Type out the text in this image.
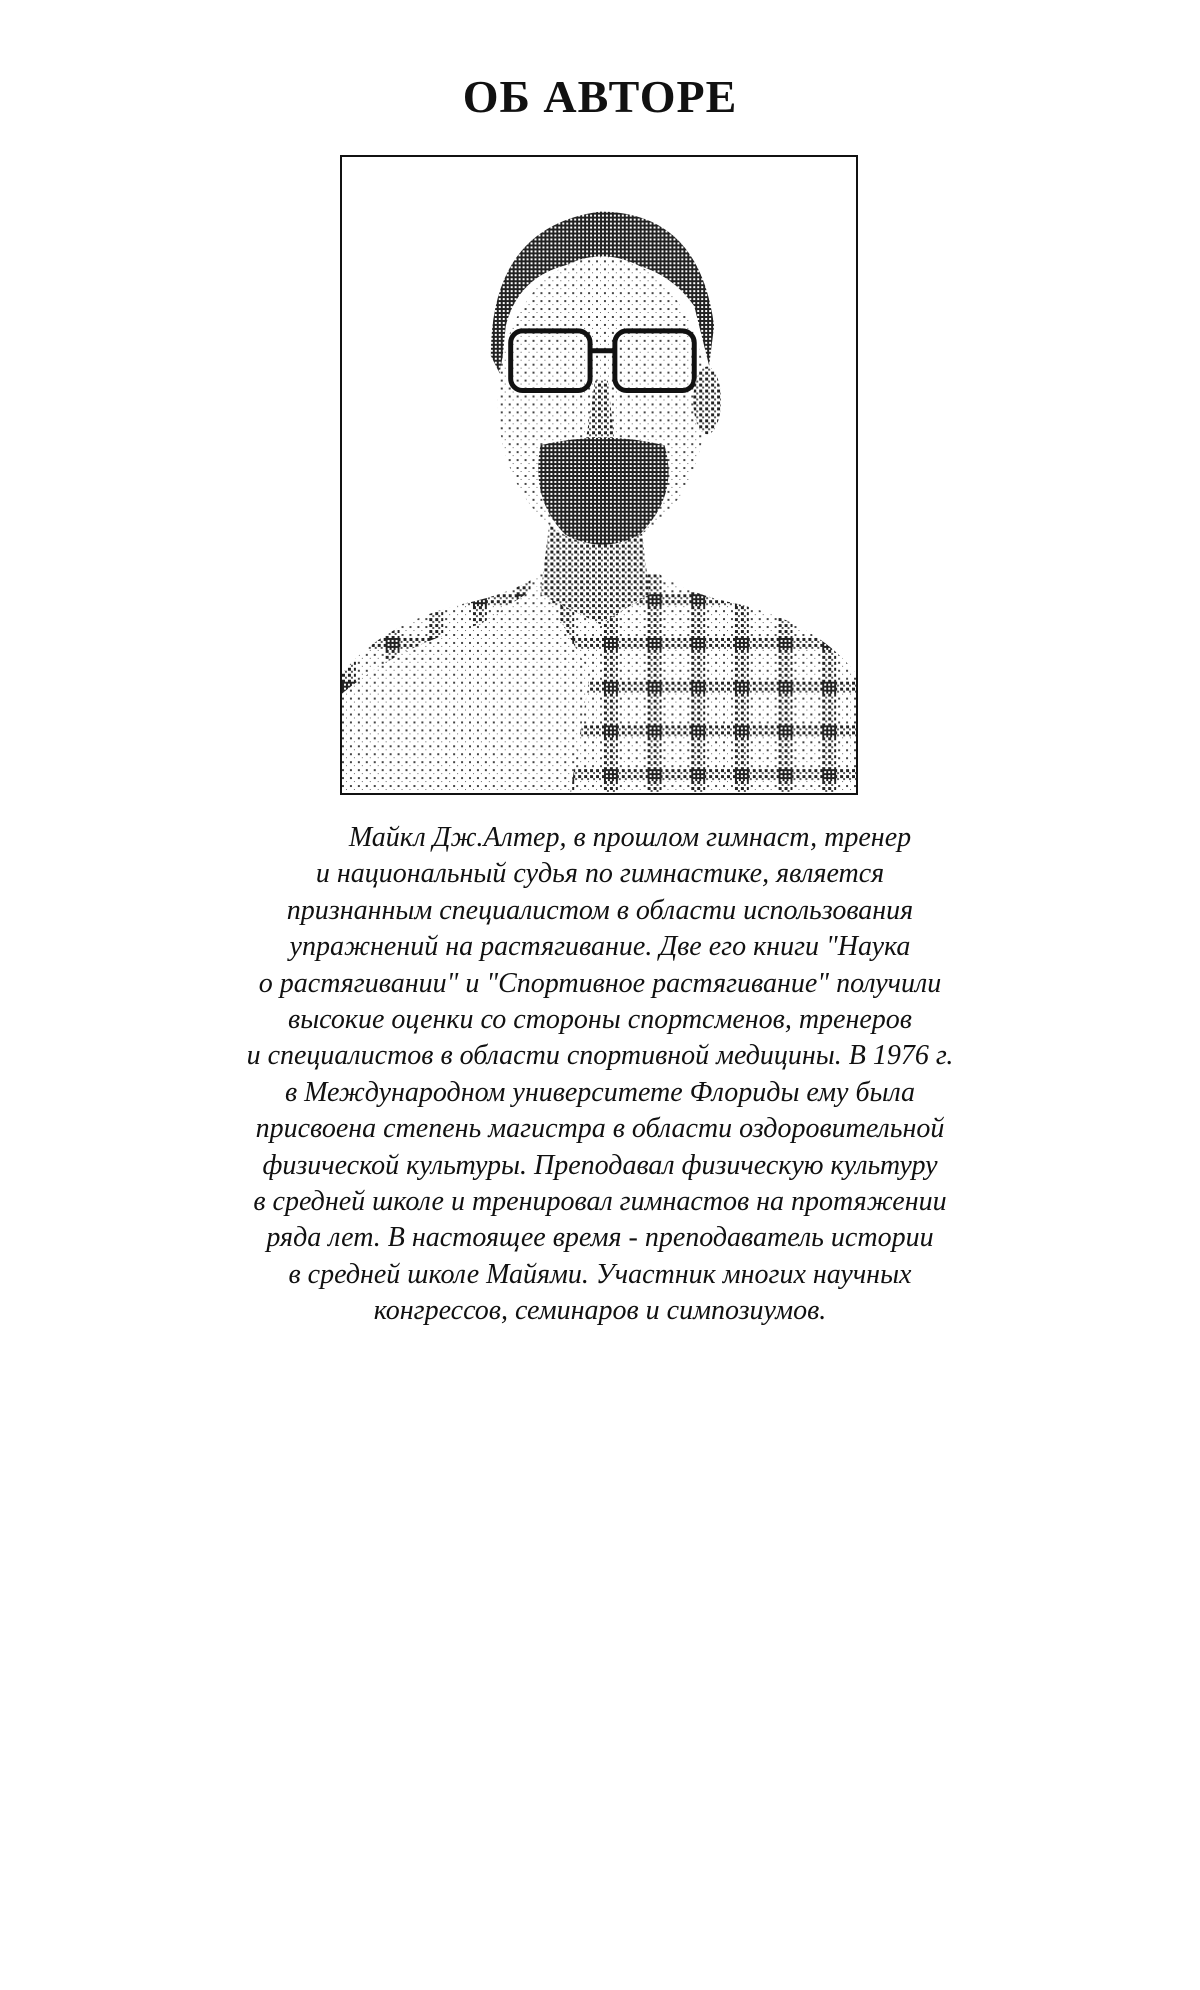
ОБ АВТОРЕ

Майкл Дж.Алтер, в прошлом гимнаст, тренер
и национальный судья по гимнастике, является
признанным специалистом в области использования
упражнений на растягивание. Две его книги "Наука
о растягивании" и "Спортивное растягивание" получили
высокие оценки со стороны спортсменов, тренеров
и специалистов в области спортивной медицины. В 1976 г.
в Международном университете Флориды ему была
присвоена степень магистра в области оздоровительной
физической культуры. Преподавал физическую культуру
в средней школе и тренировал гимнастов на протяжении
ряда лет. В настоящее время - преподаватель истории
в средней школе Майями. Участник многих научных
конгрессов, семинаров и симпозиумов.
